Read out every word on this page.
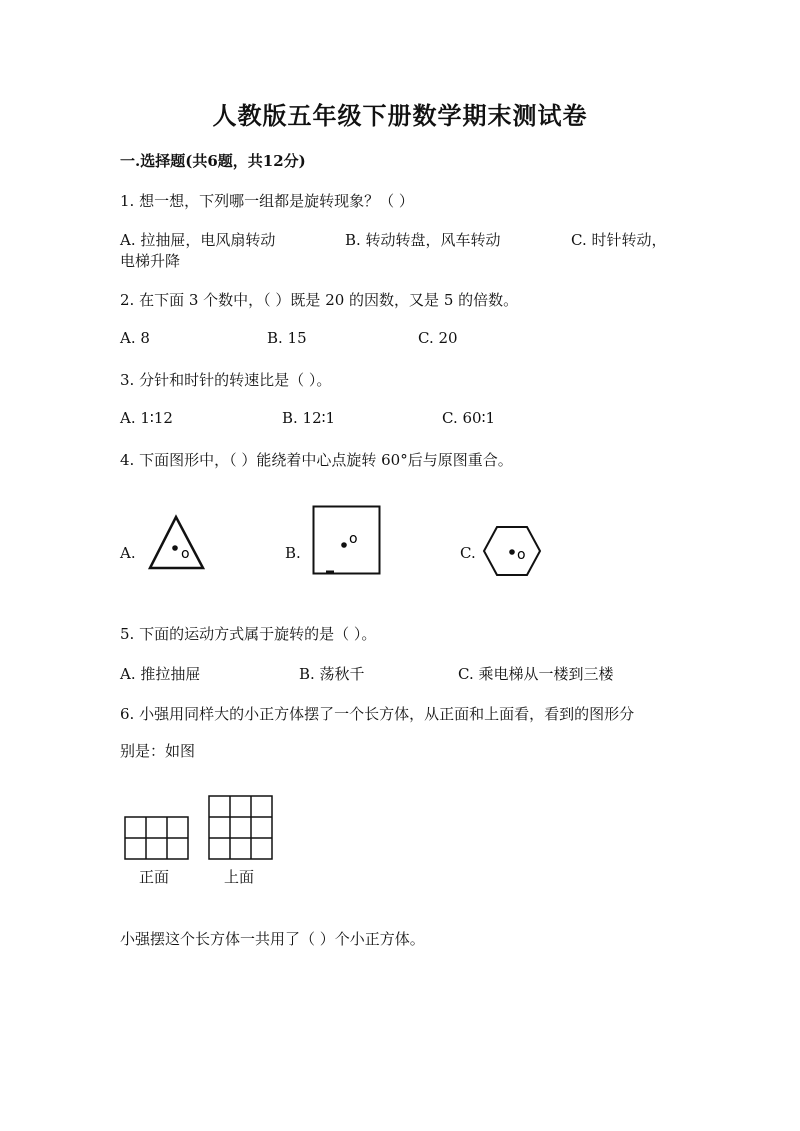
人教版五年级下册数学期末测试卷
一.选择题(共6题，共12分)
1. 想一想，下列哪一组都是旋转现象？（ ）
A. 拉抽屉，电风扇转动	B. 转动转盘，风车转动	C. 时针转动，
电梯升降
2. 在下面 3 个数中，（ ）既是 20 的因数，又是 5 的倍数。
A. 8	B. 15	C. 20
3. 分针和时针的转速比是（ ）。
A. 1∶12	B. 12∶1	C. 60∶1
4. 下面图形中，（ ）能绕着中心点旋转 60°后与原图重合。
A.	B.	C.
o
o
o
5. 下面的运动方式属于旋转的是（ ）。
A. 推拉抽屉	B. 荡秋千	C. 乘电梯从一楼到三楼
6. 小强用同样大的小正方体摆了一个长方体，从正面和上面看，看到的图形分
别是：如图
正面	上面
小强摆这个长方体一共用了（ ）个小正方体。
